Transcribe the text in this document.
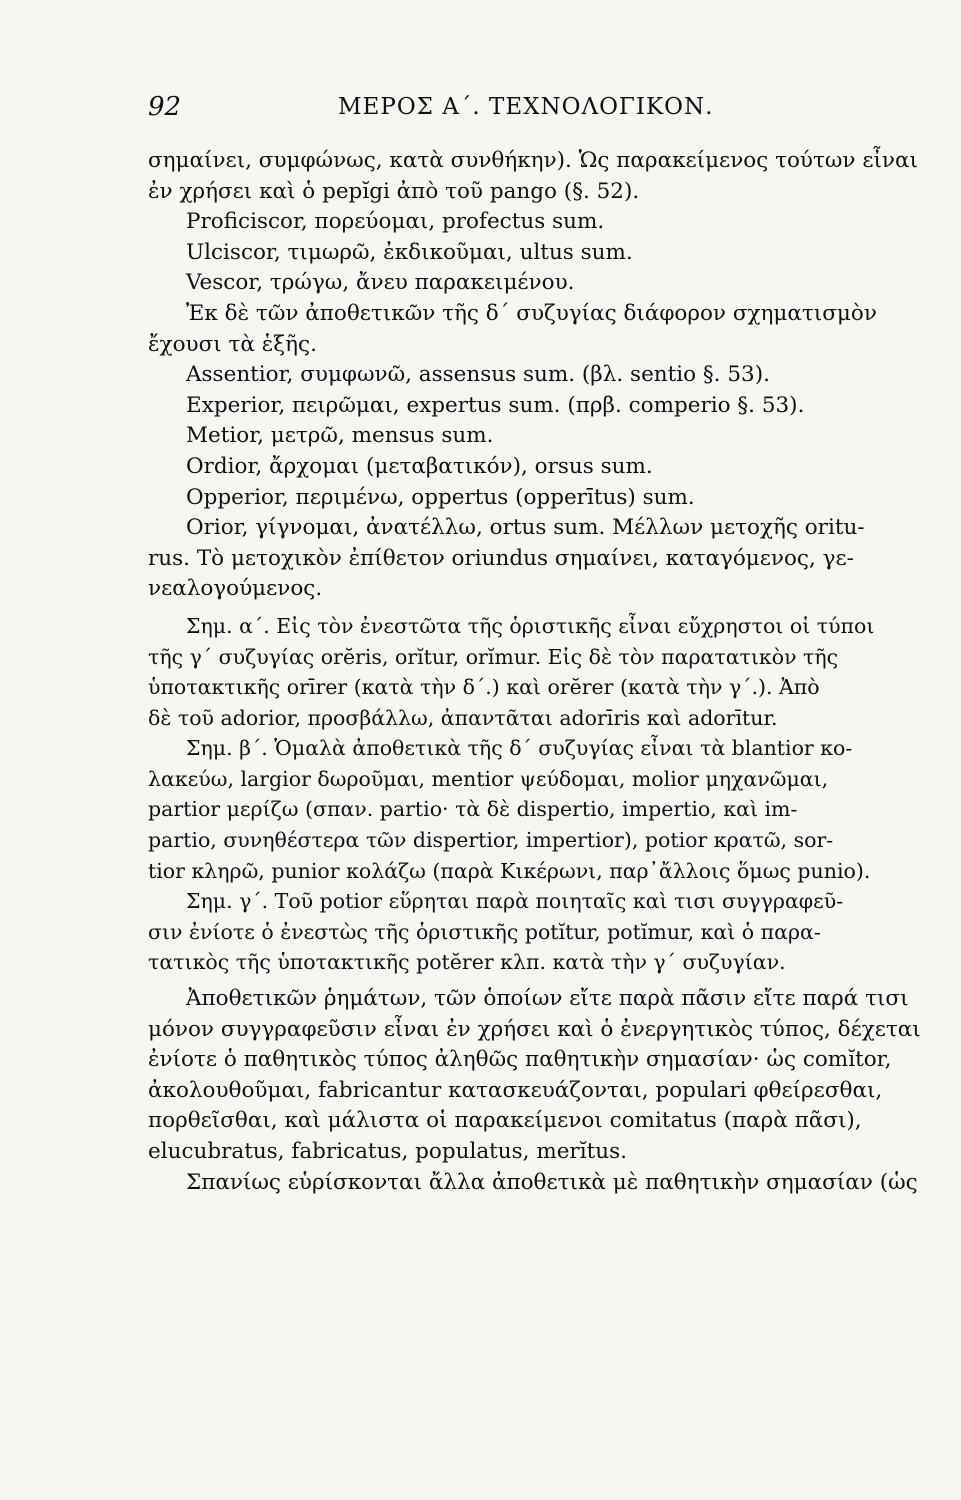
92	ΜΕΡΟΣ Α΄. ΤΕΧΝΟΛΟΓΙΚΟΝ.
σημαίνει, συμφώνως, κατὰ συνθήκην). Ὡς παρακείμενος τούτων εἶναι
ἐν χρήσει καὶ ὁ pepĭgi ἀπὸ τοῦ pango (§. 52).
Proficiscor, πορεύομαι, profectus sum.
Ulciscor, τιμωρῶ, ἐκδικοῦμαι, ultus sum.
Vescor, τρώγω, ἄνευ παρακειμένου.
Ἐκ δὲ τῶν ἀποθετικῶν τῆς δ΄ συζυγίας διάφορον σχηματισμὸν
ἔχουσι τὰ ἑξῆς.
Assentior, συμφωνῶ, assensus sum. (βλ. sentio §. 53).
Experior, πειρῶμαι, expertus sum. (πρβ. comperio §. 53).
Metior, μετρῶ, mensus sum.
Ordior, ἄρχομαι (μεταβατικόν), orsus sum.
Opperior, περιμένω, oppertus (opperītus) sum.
Orior, γίγνομαι, ἀνατέλλω, ortus sum. Μέλλων μετοχῆς oritu-
rus. Τὸ μετοχικὸν ἐπίθετον oriundus σημαίνει, καταγόμενος, γε-
νεαλογούμενος.
Σημ. α΄. Εἰς τὸν ἐνεστῶτα τῆς ὁριστικῆς εἶναι εὔχρηστοι οἱ τύποι
τῆς γ΄ συζυγίας orĕris, orĭtur, orĭmur. Εἰς δὲ τὸν παρατατικὸν τῆς
ὑποτακτικῆς orīrer (κατὰ τὴν δ΄.) καὶ orĕrer (κατὰ τὴν γ΄.). Ἀπὸ
δὲ τοῦ adorior, προσβάλλω, ἀπαντᾶται adorīris καὶ adorītur.
Σημ. β΄. Ὁμαλὰ ἀποθετικὰ τῆς δ΄ συζυγίας εἶναι τὰ blantior κο-
λακεύω, largior δωροῦμαι, mentior ψεύδομαι, molior μηχανῶμαι,
partior μερίζω (σπαν. partio· τὰ δὲ dispertio, impertio, καὶ im-
partio, συνηθέστερα τῶν dispertior, impertior), potior κρατῶ, sor-
tior κληρῶ, punior κολάζω (παρὰ Κικέρωνι, παρ᾽ἄλλοις ὅμως punio).
Σημ. γ΄. Τοῦ potior εὕρηται παρὰ ποιηταῖς καὶ τισι συγγραφεῦ-
σιν ἐνίοτε ὁ ἐνεστὼς τῆς ὁριστικῆς potĭtur, potĭmur, καὶ ὁ παρα-
τατικὸς τῆς ὑποτακτικῆς potĕrer κλπ. κατὰ τὴν γ΄ συζυγίαν.
Ἀποθετικῶν ῥημάτων, τῶν ὁποίων εἴτε παρὰ πᾶσιν εἴτε παρά τισι
μόνον συγγραφεῦσιν εἶναι ἐν χρήσει καὶ ὁ ἐνεργητικὸς τύπος, δέχεται
ἐνίοτε ὁ παθητικὸς τύπος ἀληθῶς παθητικὴν σημασίαν· ὡς comĭtor,
ἀκολουθοῦμαι, fabricantur κατασκευάζονται, populari φθείρεσθαι,
πορθεῖσθαι, καὶ μάλιστα οἱ παρακείμενοι comitatus (παρὰ πᾶσι),
elucubratus, fabricatus, populatus, merĭtus.
Σπανίως εὑρίσκονται ἄλλα ἀποθετικὰ μὲ παθητικὴν σημασίαν (ὡς
